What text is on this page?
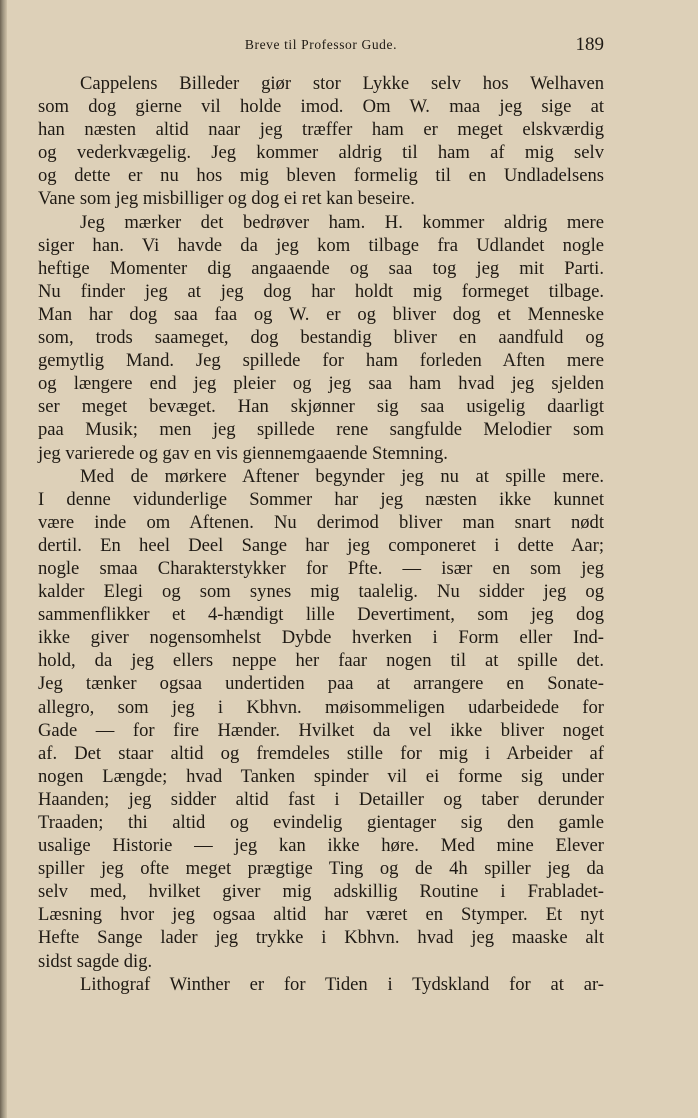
Breve til Professor Gude.	189
Cappelens Billeder giør stor Lykke selv hos Welhaven
som dog gierne vil holde imod. Om W. maa jeg sige at
han næsten altid naar jeg træffer ham er meget elskværdig
og vederkvægelig. Jeg kommer aldrig til ham af mig selv
og dette er nu hos mig bleven formelig til en Undladelsens
Vane som jeg misbilliger og dog ei ret kan beseire.
Jeg mærker det bedrøver ham. H. kommer aldrig mere
siger han. Vi havde da jeg kom tilbage fra Udlandet nogle
heftige Momenter dig angaaende og saa tog jeg mit Parti.
Nu finder jeg at jeg dog har holdt mig formeget tilbage.
Man har dog saa faa og W. er og bliver dog et Menneske
som, trods saameget, dog bestandig bliver en aandfuld og
gemytlig Mand. Jeg spillede for ham forleden Aften mere
og længere end jeg pleier og jeg saa ham hvad jeg sjelden
ser meget bevæget. Han skjønner sig saa usigelig daarligt
paa Musik; men jeg spillede rene sangfulde Melodier som
jeg varierede og gav en vis giennemgaaende Stemning.
Med de mørkere Aftener begynder jeg nu at spille mere.
I denne vidunderlige Sommer har jeg næsten ikke kunnet
være inde om Aftenen. Nu derimod bliver man snart nødt
dertil. En heel Deel Sange har jeg componeret i dette Aar;
nogle smaa Charakterstykker for Pfte. — især en som jeg
kalder Elegi og som synes mig taalelig. Nu sidder jeg og
sammenflikker et 4-hændigt lille Devertiment, som jeg dog
ikke giver nogensomhelst Dybde hverken i Form eller Ind-
hold, da jeg ellers neppe her faar nogen til at spille det.
Jeg tænker ogsaa undertiden paa at arrangere en Sonate-
allegro, som jeg i Kbhvn. møisommeligen udarbeidede for
Gade — for fire Hænder. Hvilket da vel ikke bliver noget
af. Det staar altid og fremdeles stille for mig i Arbeider af
nogen Længde; hvad Tanken spinder vil ei forme sig under
Haanden; jeg sidder altid fast i Detailler og taber derunder
Traaden; thi altid og evindelig gientager sig den gamle
usalige Historie — jeg kan ikke høre. Med mine Elever
spiller jeg ofte meget prægtige Ting og de 4h spiller jeg da
selv med, hvilket giver mig adskillig Routine i Frabladet-
Læsning hvor jeg ogsaa altid har været en Stymper. Et nyt
Hefte Sange lader jeg trykke i Kbhvn. hvad jeg maaske alt
sidst sagde dig.
Lithograf Winther er for Tiden i Tydskland for at ar-
